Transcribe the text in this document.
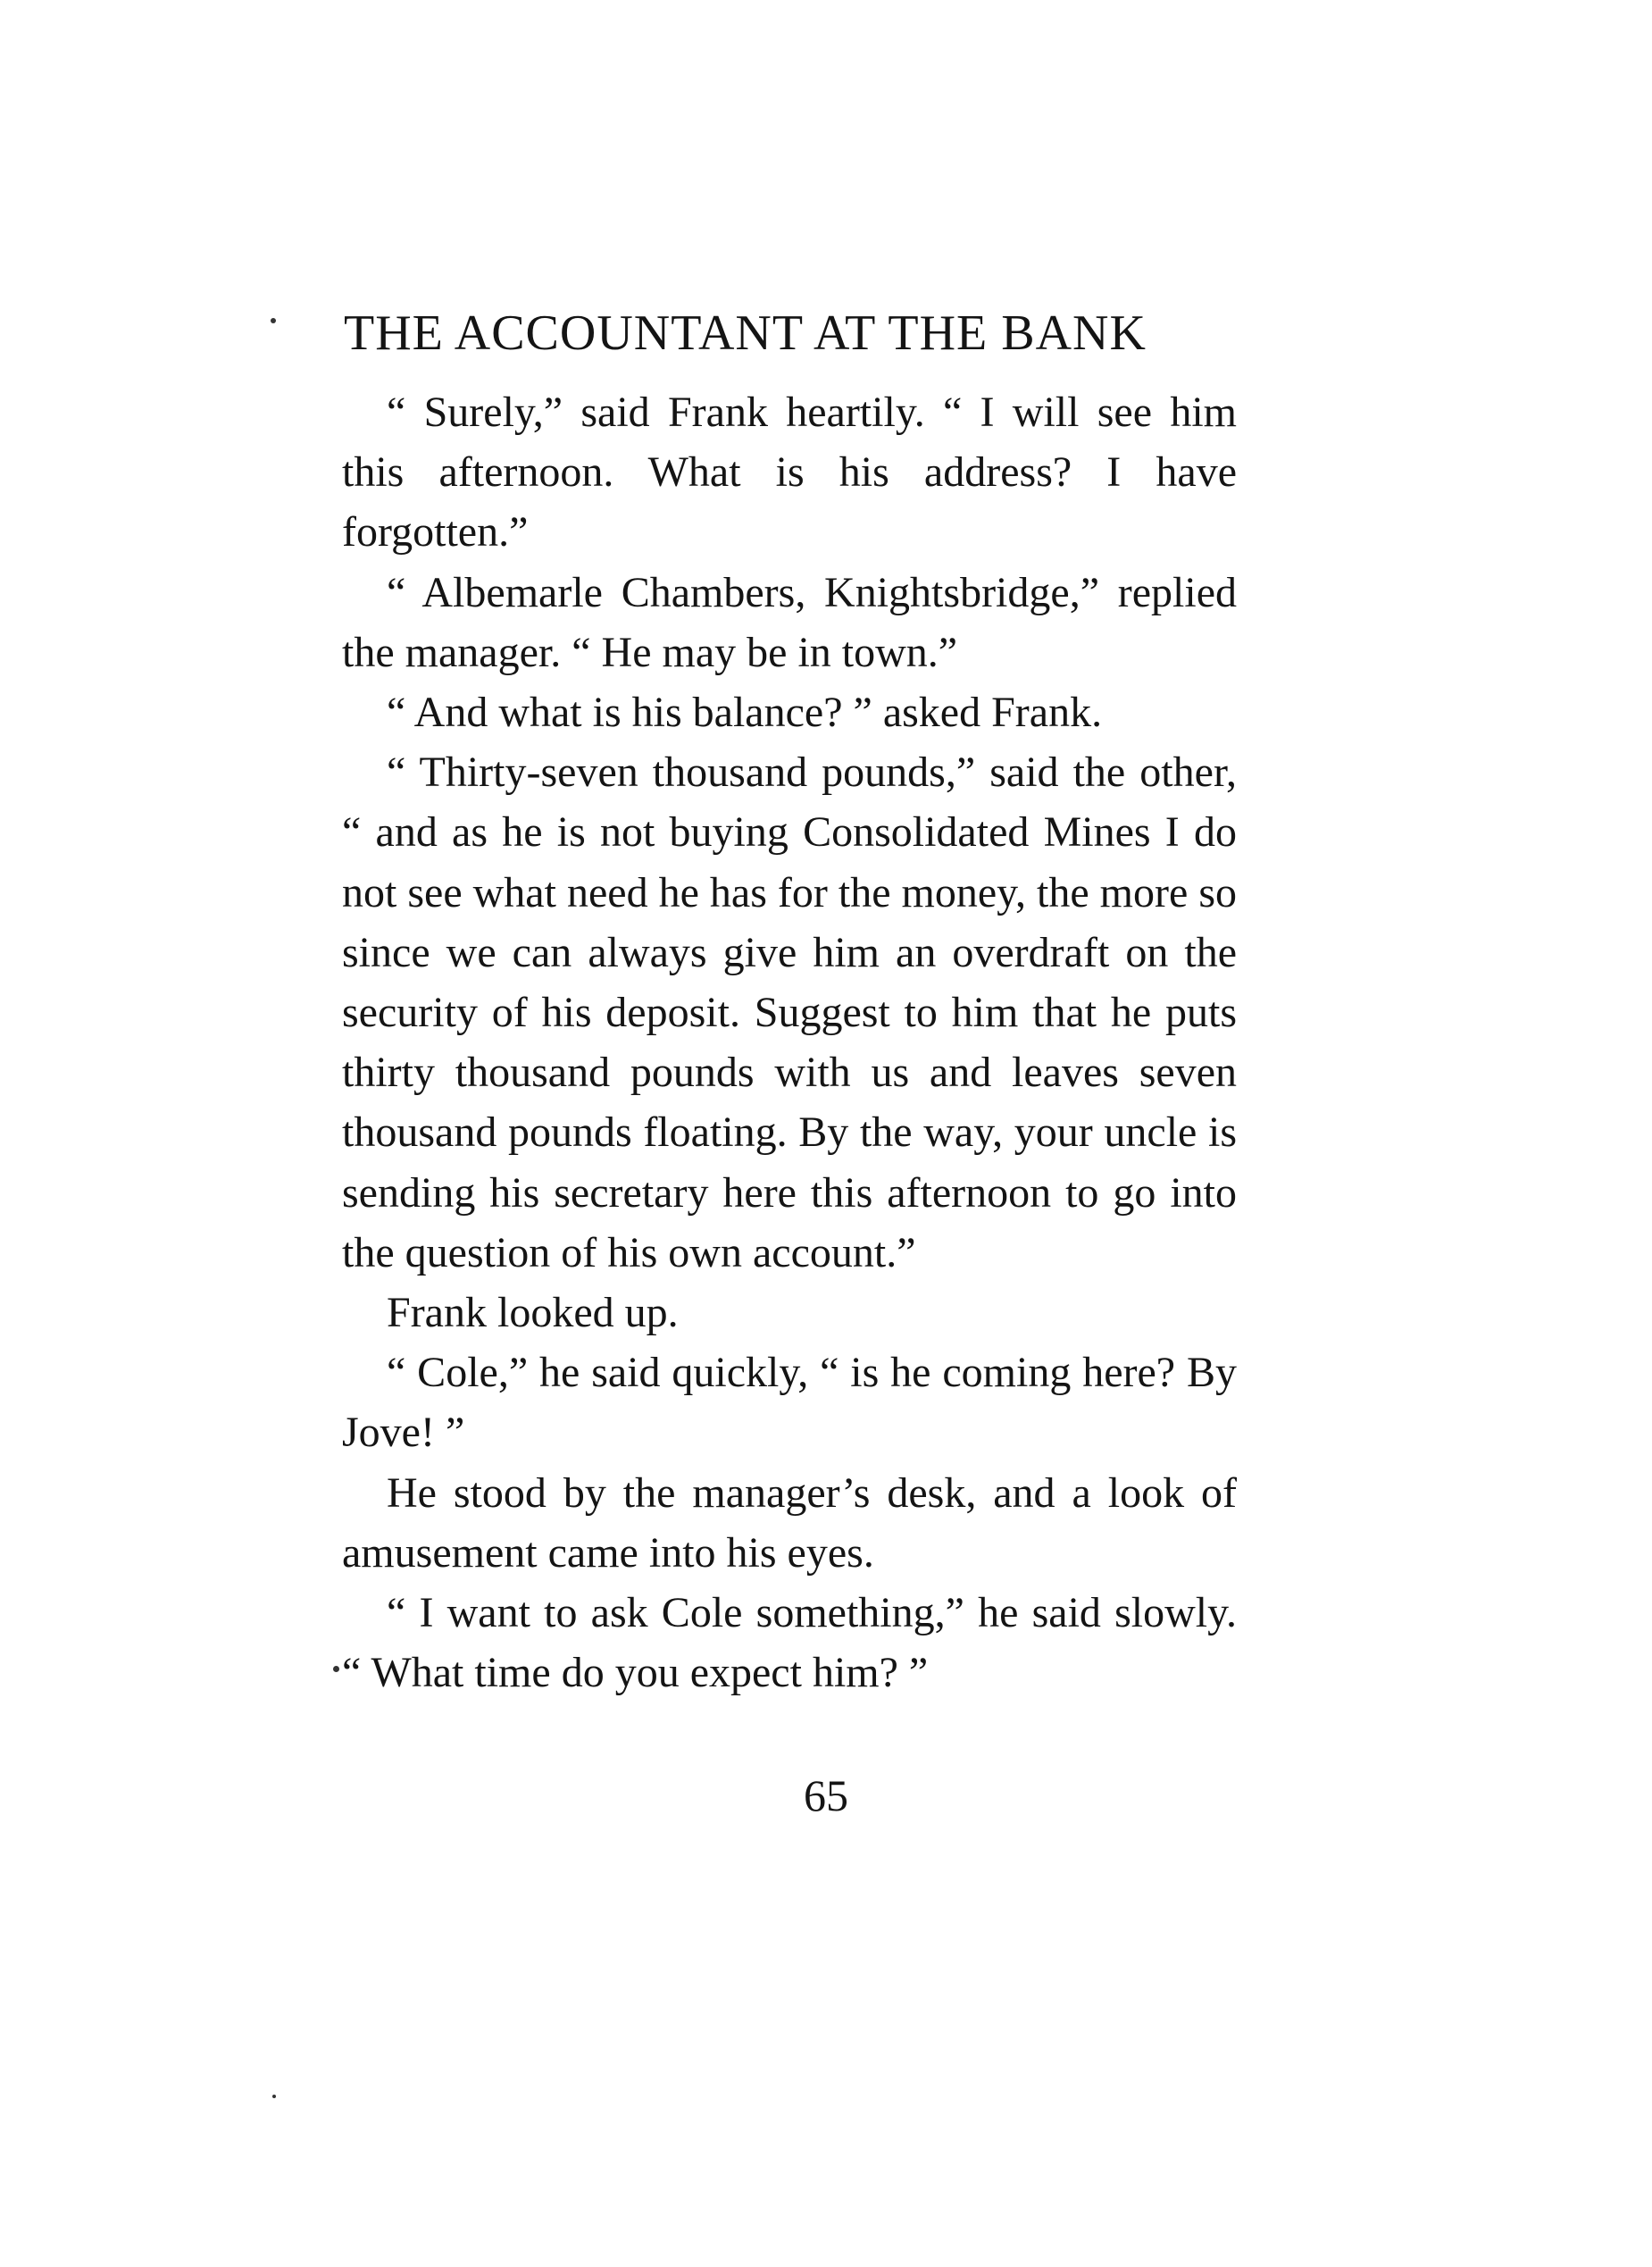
THE ACCOUNTANT AT THE BANK

“ Surely,” said Frank heartily. “ I will see him this afternoon. What is his address? I have forgotten.”

“ Albemarle Chambers, Knightsbridge,” replied the manager. “ He may be in town.”

“ And what is his balance? ” asked Frank.

“ Thirty-seven thousand pounds,” said the other, “ and as he is not buying Consolidated Mines I do not see what need he has for the money, the more so since we can always give him an overdraft on the security of his deposit. Suggest to him that he puts thirty thousand pounds with us and leaves seven thousand pounds floating. By the way, your uncle is sending his secretary here this afternoon to go into the question of his own account.”

Frank looked up.

“ Cole,” he said quickly, “ is he coming here? By Jove! ”

He stood by the manager’s desk, and a look of amusement came into his eyes.

“ I want to ask Cole something,” he said slowly. “ What time do you expect him? ”

65
